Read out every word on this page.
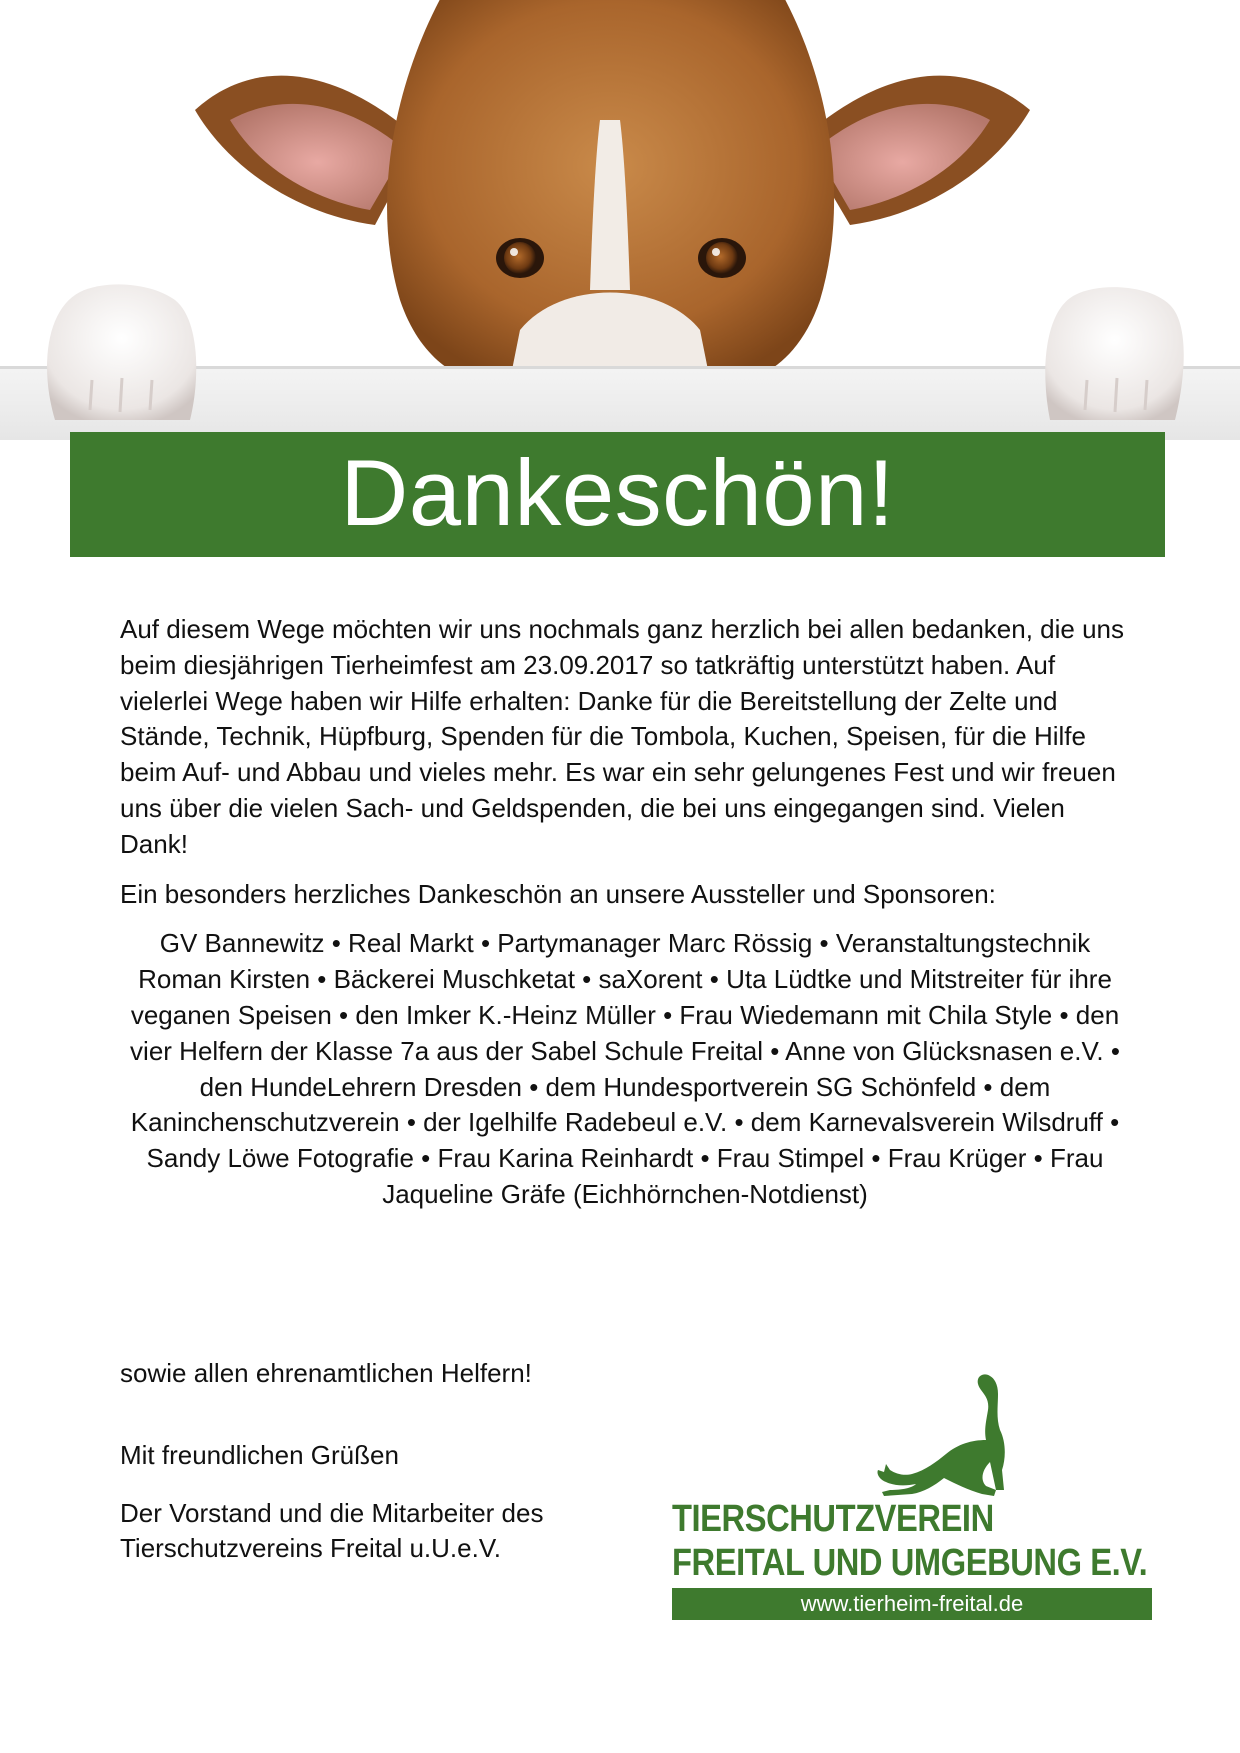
Dankeschön!

Auf diesem Wege möchten wir uns nochmals ganz herzlich bei allen bedanken, die uns beim diesjährigen Tierheimfest am 23.09.2017 so tatkräftig unterstützt haben. Auf vielerlei Wege haben wir Hilfe erhalten: Danke für die Bereitstellung der Zelte und Stände, Technik, Hüpfburg, Spenden für die Tombola, Kuchen, Speisen, für die Hilfe beim Auf- und Abbau und vieles mehr. Es war ein sehr gelungenes Fest und wir freuen uns über die vielen Sach- und Geldspenden, die bei uns eingegangen sind. Vielen Dank!

Ein besonders herzliches Dankeschön an unsere Aussteller und Sponsoren:

GV Bannewitz • Real Markt • Partymanager Marc Rössig • Veranstaltungstechnik Roman Kirsten • Bäckerei Muschketat • saXorent • Uta Lüdtke und Mitstreiter für ihre veganen Speisen • den Imker K.-Heinz Müller • Frau Wiedemann mit Chila Style • den vier Helfern der Klasse 7a aus der Sabel Schule Freital • Anne von Glücksnasen e.V. • den HundeLehrern Dresden • dem Hundesportverein SG Schönfeld • dem Kaninchenschutzverein • der Igelhilfe Radebeul e.V. • dem Karnevalsverein Wilsdruff • Sandy Löwe Fotografie • Frau Karina Reinhardt • Frau Stimpel • Frau Krüger • Frau Jaqueline Gräfe (Eichhörnchen-Notdienst)

sowie allen ehrenamtlichen Helfern!

Mit freundlichen Grüßen

Der Vorstand und die Mitarbeiter des
Tierschutzvereins Freital u.U.e.V.
TIERSCHUTZVEREIN
FREITAL UND UMGEBUNG E.V.
www.tierheim-freital.de
